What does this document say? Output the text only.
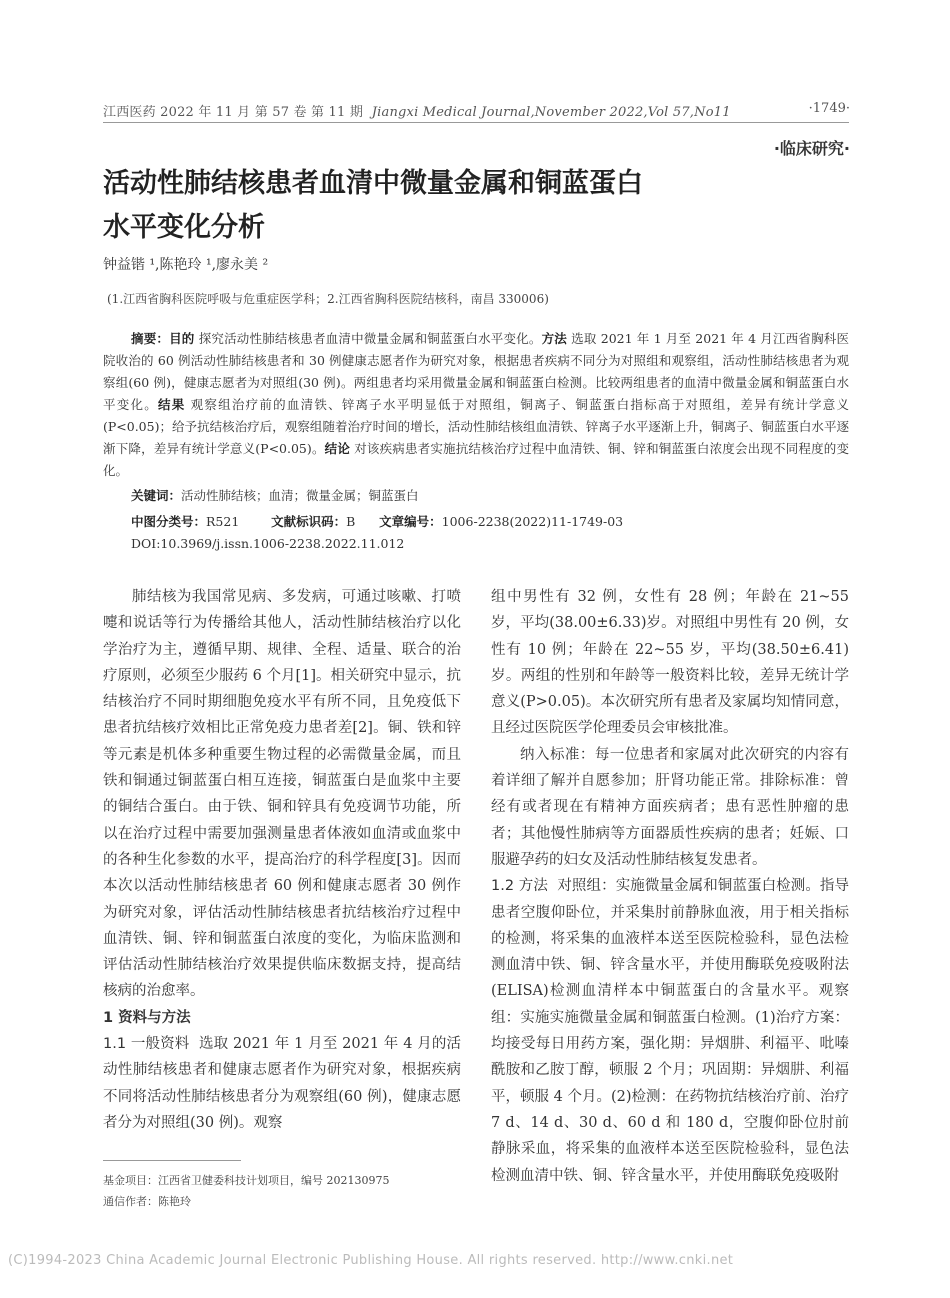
江西医药 2022 年 11 月 第 57 卷 第 11 期 Jiangxi Medical Journal,November 2022,Vol 57,No11	·1749·
·临床研究·
活动性肺结核患者血清中微量金属和铜蓝蛋白水平变化分析
钟益锴 ¹,陈艳玲 ¹,廖永美 ²
(1.江西省胸科医院呼吸与危重症医学科；2.江西省胸科医院结核科，南昌 330006)
摘要：目的 探究活动性肺结核患者血清中微量金属和铜蓝蛋白水平变化。方法 选取 2021 年 1 月至 2021 年 4 月江西省胸科医院收治的 60 例活动性肺结核患者和 30 例健康志愿者作为研究对象，根据患者疾病不同分为对照组和观察组，活动性肺结核患者为观察组(60 例)，健康志愿者为对照组(30 例)。两组患者均采用微量金属和铜蓝蛋白检测。比较两组患者的血清中微量金属和铜蓝蛋白水平变化。结果 观察组治疗前的血清铁、锌离子水平明显低于对照组，铜离子、铜蓝蛋白指标高于对照组，差异有统计学意义(P<0.05)；给予抗结核治疗后，观察组随着治疗时间的增长，活动性肺结核组血清铁、锌离子水平逐渐上升，铜离子、铜蓝蛋白水平逐渐下降，差异有统计学意义(P<0.05)。结论 对该疾病患者实施抗结核治疗过程中血清铁、铜、锌和铜蓝蛋白浓度会出现不同程度的变化。
关键词：活动性肺结核；血清；微量金属；铜蓝蛋白
中图分类号：R521	文献标识码：B 文章编号：1006-2238(2022)11-1749-03
DOI:10.3969/j.issn.1006-2238.2022.11.012

肺结核为我国常见病、多发病，可通过咳嗽、打喷嚏和说话等行为传播给其他人，活动性肺结核治疗以化学治疗为主，遵循早期、规律、全程、适量、联合的治疗原则，必须至少服药 6 个月[1]。相关研究中显示，抗结核治疗不同时期细胞免疫水平有所不同，且免疫低下患者抗结核疗效相比正常免疫力患者差[2]。铜、铁和锌等元素是机体多种重要生物过程的必需微量金属，而且铁和铜通过铜蓝蛋白相互连接，铜蓝蛋白是血浆中主要的铜结合蛋白。由于铁、铜和锌具有免疫调节功能，所以在治疗过程中需要加强测量患者体液如血清或血浆中的各种生化参数的水平，提高治疗的科学程度[3]。因而本次以活动性肺结核患者 60 例和健康志愿者 30 例作为研究对象，评估活动性肺结核患者抗结核治疗过程中血清铁、铜、锌和铜蓝蛋白浓度的变化，为临床监测和评估活动性肺结核治疗效果提供临床数据支持，提高结核病的治愈率。

1 资料与方法

1.1 一般资料 选取 2021 年 1 月至 2021 年 4 月的活动性肺结核患者和健康志愿者作为研究对象，根据疾病不同将活动性肺结核患者分为观察组(60 例)，健康志愿者分为对照组(30 例)。观察

组中男性有 32 例，女性有 28 例；年龄在 21~55 岁，平均(38.00±6.33)岁。对照组中男性有 20 例，女性有 10 例；年龄在 22~55 岁，平均(38.50±6.41)岁。两组的性别和年龄等一般资料比较，差异无统计学意义(P>0.05)。本次研究所有患者及家属均知情同意，且经过医院医学伦理委员会审核批准。

纳入标准：每一位患者和家属对此次研究的内容有着详细了解并自愿参加；肝肾功能正常。排除标准：曾经有或者现在有精神方面疾病者；患有恶性肿瘤的患者；其他慢性肺病等方面器质性疾病的患者；妊娠、口服避孕药的妇女及活动性肺结核复发患者。

1.2 方法 对照组：实施微量金属和铜蓝蛋白检测。指导患者空腹仰卧位，并采集肘前静脉血液，用于相关指标的检测，将采集的血液样本送至医院检验科，显色法检测血清中铁、铜、锌含量水平，并使用酶联免疫吸附法(ELISA)检测血清样本中铜蓝蛋白的含量水平。观察组：实施实施微量金属和铜蓝蛋白检测。(1)治疗方案：均接受每日用药方案，强化期：异烟肼、利福平、吡嗪酰胺和乙胺丁醇，顿服 2 个月；巩固期：异烟肼、利福平，顿服 4 个月。(2)检测：在药物抗结核治疗前、治疗 7 d、14 d、30 d、60 d 和 180 d，空腹仰卧位肘前静脉采血，将采集的血液样本送至医院检验科，显色法检测血清中铁、铜、锌含量水平，并使用酶联免疫吸附

基金项目：江西省卫健委科技计划项目，编号 202130975
通信作者：陈艳玲
(C)1994-2023 China Academic Journal Electronic Publishing House. All rights reserved. http://www.cnki.net
